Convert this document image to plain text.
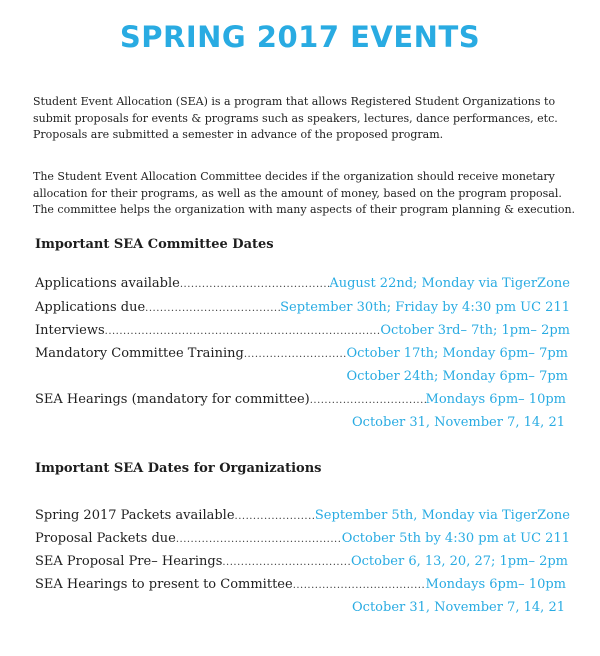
SPRING 2017 EVENTS

Student Event Allocation (SEA) is a program that allows Registered Student Organizations to
submit proposals for events & programs such as speakers, lectures, dance performances, etc.
Proposals are submitted a semester in advance of the proposed program.

The Student Event Allocation Committee decides if the organization should receive monetary
allocation for their programs, as well as the amount of money, based on the program proposal.
The committee helps the organization with many aspects of their program planning & execution.

Important SEA Committee Dates
Applications available .....	August 22nd; Monday via TigerZone
Applications due .....	September 30th; Friday by 4:30 pm UC 211
Interviews .....	October 3rd– 7th; 1pm– 2pm
Mandatory Committee Training .....	October 17th; Monday 6pm– 7pm
October 24th; Monday 6pm– 7pm
SEA Hearings (mandatory for committee) .....	Mondays 6pm– 10pm
October 31, November 7, 14, 21
Important SEA Dates for Organizations
Spring 2017 Packets available .....	September 5th, Monday via TigerZone
Proposal Packets due .....	October 5th by 4:30 pm at UC 211
SEA Proposal Pre– Hearings .....	October 6, 13, 20, 27; 1pm– 2pm
SEA Hearings to present to Committee .....	Mondays 6pm– 10pm
October 31, November 7, 14, 21
